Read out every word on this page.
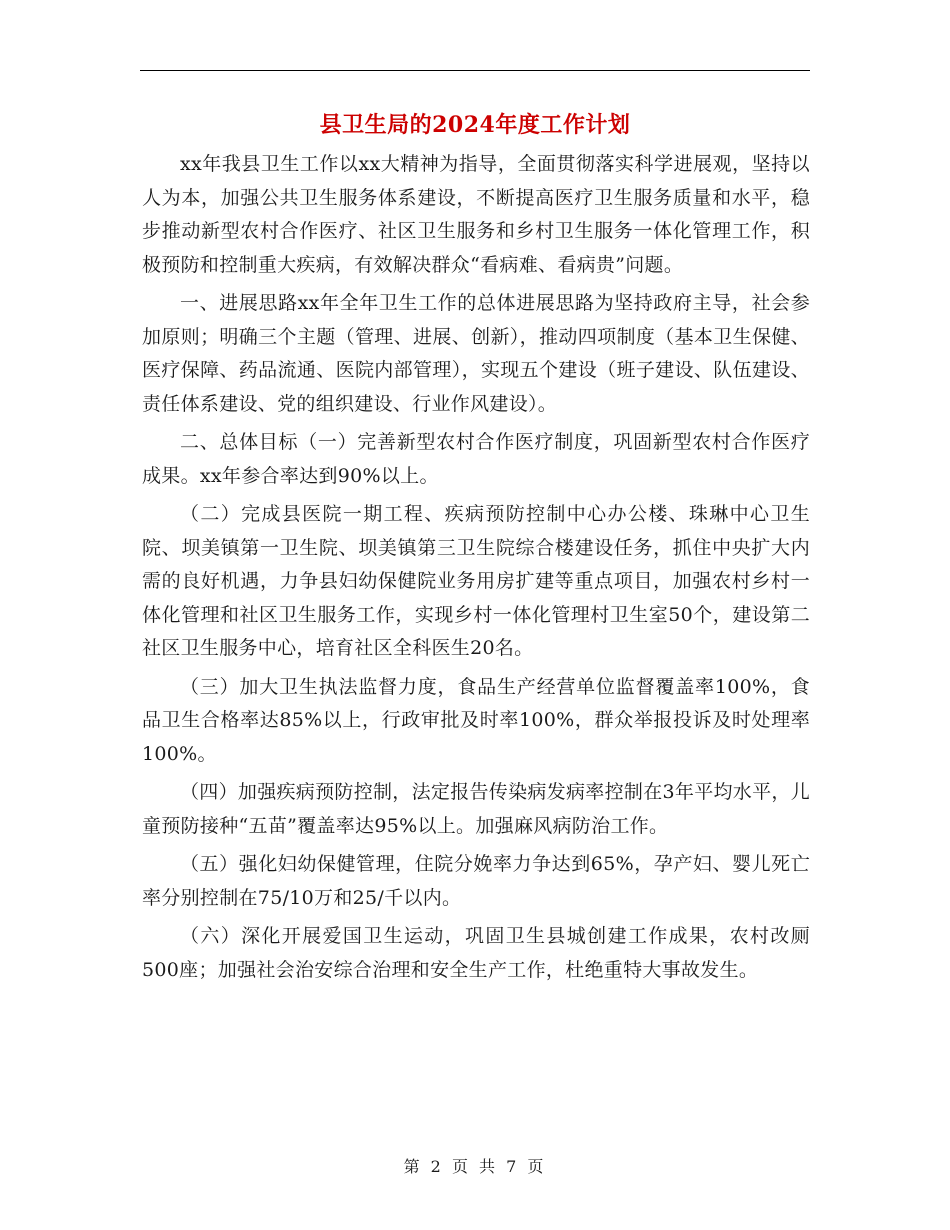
县卫生局的2024年度工作计划

xx年我县卫生工作以xx大精神为指导，全面贯彻落实科学进展观，坚持以人为本，加强公共卫生服务体系建设，不断提高医疗卫生服务质量和水平，稳步推动新型农村合作医疗、社区卫生服务和乡村卫生服务一体化管理工作，积极预防和控制重大疾病，有效解决群众“看病难、看病贵”问题。

一、进展思路xx年全年卫生工作的总体进展思路为坚持政府主导，社会参加原则；明确三个主题（管理、进展、创新），推动四项制度（基本卫生保健、医疗保障、药品流通、医院内部管理），实现五个建设（班子建设、队伍建设、责任体系建设、党的组织建设、行业作风建设）。

二、总体目标（一）完善新型农村合作医疗制度，巩固新型农村合作医疗成果。xx年参合率达到90%以上。

（二）完成县医院一期工程、疾病预防控制中心办公楼、珠琳中心卫生院、坝美镇第一卫生院、坝美镇第三卫生院综合楼建设任务，抓住中央扩大内需的良好机遇，力争县妇幼保健院业务用房扩建等重点项目，加强农村乡村一体化管理和社区卫生服务工作，实现乡村一体化管理村卫生室50个，建设第二社区卫生服务中心，培育社区全科医生20名。

（三）加大卫生执法监督力度，食品生产经营单位监督覆盖率100%，食品卫生合格率达85%以上，行政审批及时率100%，群众举报投诉及时处理率100%。

（四）加强疾病预防控制，法定报告传染病发病率控制在3年平均水平，儿童预防接种“五苗”覆盖率达95%以上。加强麻风病防治工作。

（五）强化妇幼保健管理，住院分娩率力争达到65%，孕产妇、婴儿死亡率分别控制在75/10万和25/千以内。

（六）深化开展爱国卫生运动，巩固卫生县城创建工作成果，农村改厕500座；加强社会治安综合治理和安全生产工作，杜绝重特大事故发生。

第 2 页 共 7 页
